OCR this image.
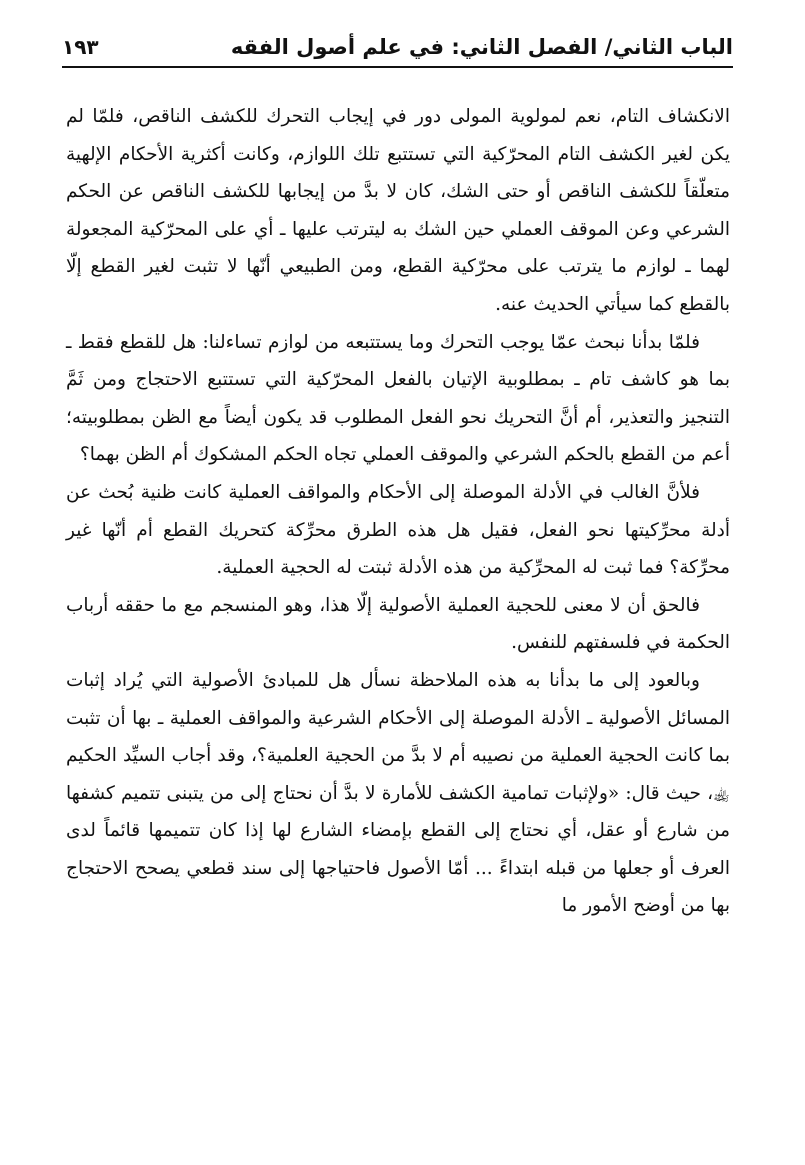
الباب الثاني/ الفصل الثاني: في علم أصول الفقه
١٩٣

الانكشاف التام، نعم لمولوية المولى دور في إيجاب التحرك للكشف الناقص، فلمّا لم يكن لغير الكشف التام المحرّكية التي تستتبع تلك اللوازم، وكانت أكثرية الأحكام الإلهية متعلّقاً للكشف الناقص أو حتى الشك، كان لا بدَّ من إيجابها للكشف الناقص عن الحكم الشرعي وعن الموقف العملي حين الشك به ليترتب عليها ـ أي على المحرّكية المجعولة لهما ـ لوازم ما يترتب على محرّكية القطع، ومن الطبيعي أنّها لا تثبت لغير القطع إلّا بالقطع كما سيأتي الحديث عنه.

فلمّا بدأنا نبحث عمّا يوجب التحرك وما يستتبعه من لوازم تساءلنا: هل للقطع فقط ـ بما هو كاشف تام ـ بمطلوبية الإتيان بالفعل المحرّكية التي تستتبع الاحتجاج ومن ثَمَّ التنجيز والتعذير، أم أنَّ التحريك نحو الفعل المطلوب قد يكون أيضاً مع الظن بمطلوبيته؛ أعم من القطع بالحكم الشرعي والموقف العملي تجاه الحكم المشكوك أم الظن بهما؟

فلأنَّ الغالب في الأدلة الموصلة إلى الأحكام والمواقف العملية كانت ظنية بُحث عن أدلة محرِّكيتها نحو الفعل، فقيل هل هذه الطرق محرِّكة كتحريك القطع أم أنّها غير محرِّكة؟ فما ثبت له المحرِّكية من هذه الأدلة ثبتت له الحجية العملية.

فالحق أن لا معنى للحجية العملية الأصولية إلّا هذا، وهو المنسجم مع ما حققه أرباب الحكمة في فلسفتهم للنفس.

وبالعود إلى ما بدأنا به هذه الملاحظة نسأل هل للمبادئ الأصولية التي يُراد إثبات المسائل الأصولية ـ الأدلة الموصلة إلى الأحكام الشرعية والمواقف العملية ـ بها أن تثبت بما كانت الحجية العملية من نصيبه أم لا بدَّ من الحجية العلمية؟، وقد أجاب السيِّد الحكيم ﵀، حيث قال: «ولإثبات تمامية الكشف للأمارة لا بدَّ أن نحتاج إلى من يتبنى تتميم كشفها من شارع أو عقل، أي نحتاج إلى القطع بإمضاء الشارع لها إذا كان تتميمها قائماً لدى العرف أو جعلها من قبله ابتداءً ... أمّا الأصول فاحتياجها إلى سند قطعي يصحح الاحتجاج بها من أوضح الأمور ما
